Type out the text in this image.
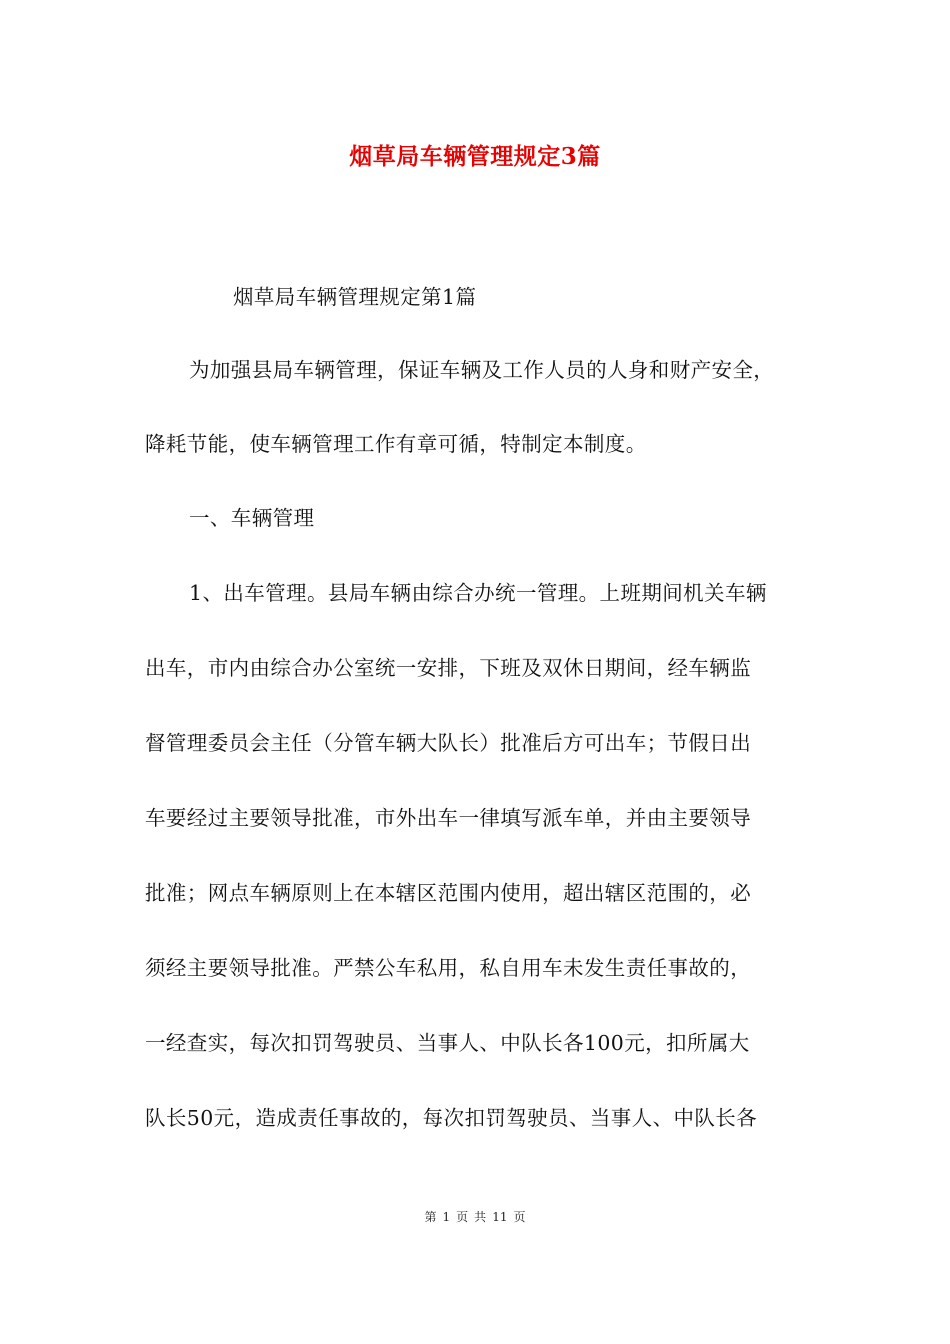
烟草局车辆管理规定3篇
烟草局车辆管理规定第1篇
为加强县局车辆管理，保证车辆及工作人员的人身和财产安全，
降耗节能，使车辆管理工作有章可循，特制定本制度。
一、车辆管理
1、出车管理。县局车辆由综合办统一管理。上班期间机关车辆
出车，市内由综合办公室统一安排，下班及双休日期间，经车辆监
督管理委员会主任（分管车辆大队长）批准后方可出车；节假日出
车要经过主要领导批准，市外出车一律填写派车单，并由主要领导
批准；网点车辆原则上在本辖区范围内使用，超出辖区范围的，必
须经主要领导批准。严禁公车私用，私自用车未发生责任事故的，
一经查实，每次扣罚驾驶员、当事人、中队长各100元，扣所属大
队长50元，造成责任事故的，每次扣罚驾驶员、当事人、中队长各
第 1 页 共 11 页
